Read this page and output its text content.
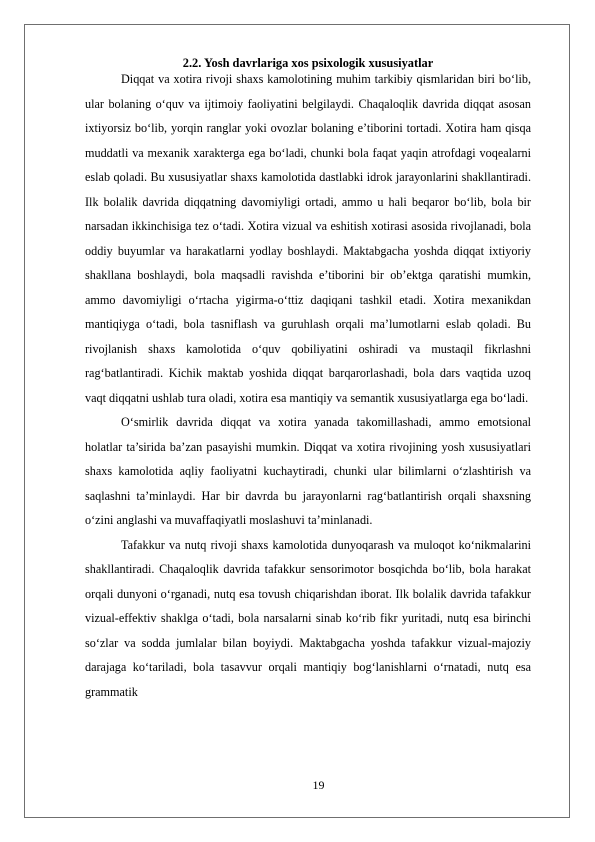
2.2. Yosh davrlariga xos psixologik xususiyatlar

Diqqat va xotira rivoji shaxs kamolotining muhim tarkibiy qismlaridan biri bo‘lib, ular bolaning o‘quv va ijtimoiy faoliyatini belgilaydi. Chaqaloqlik davrida diqqat asosan ixtiyorsiz bo‘lib, yorqin ranglar yoki ovozlar bolaning e’tiborini tortadi. Xotira ham qisqa muddatli va mexanik xarakterga ega bo‘ladi, chunki bola faqat yaqin atrofdagi voqealarni eslab qoladi. Bu xususiyatlar shaxs kamolotida dastlabki idrok jarayonlarini shakllantiradi. Ilk bolalik davrida diqqatning davomiyligi ortadi, ammo u hali beqaror bo‘lib, bola bir narsadan ikkinchisiga tez o‘tadi. Xotira vizual va eshitish xotirasi asosida rivojlanadi, bola oddiy buyumlar va harakatlarni yodlay boshlaydi. Maktabgacha yoshda diqqat ixtiyoriy shakllana boshlaydi, bola maqsadli ravishda e’tiborini bir ob’ektga qaratishi mumkin, ammo davomiyligi o‘rtacha yigirma-o‘ttiz daqiqani tashkil etadi. Xotira mexanikdan mantiqiyga o‘tadi, bola tasniflash va guruhlash orqali ma’lumotlarni eslab qoladi. Bu rivojlanish shaxs kamolotida o‘quv qobiliyatini oshiradi va mustaqil fikrlashni rag‘batlantiradi. Kichik maktab yoshida diqqat barqarorlashadi, bola dars vaqtida uzoq vaqt diqqatni ushlab tura oladi, xotira esa mantiqiy va semantik xususiyatlarga ega bo‘ladi.

O‘smirlik davrida diqqat va xotira yanada takomillashadi, ammo emotsional holatlar ta’sirida ba’zan pasayishi mumkin. Diqqat va xotira rivojining yosh xususiyatlari shaxs kamolotida aqliy faoliyatni kuchaytiradi, chunki ular bilimlarni o‘zlashtirish va saqlashni ta’minlaydi. Har bir davrda bu jarayonlarni rag‘batlantirish orqali shaxsning o‘zini anglashi va muvaffaqiyatli moslashuvi ta’minlanadi.

Tafakkur va nutq rivoji shaxs kamolotida dunyoqarash va muloqot ko‘nikmalarini shakllantiradi. Chaqaloqlik davrida tafakkur sensorimotor bosqichda bo‘lib, bola harakat orqali dunyoni o‘rganadi, nutq esa tovush chiqarishdan iborat. Ilk bolalik davrida tafakkur vizual-effektiv shaklga o‘tadi, bola narsalarni sinab ko‘rib fikr yuritadi, nutq esa birinchi so‘zlar va sodda jumlalar bilan boyiydi. Maktabgacha yoshda tafakkur vizual-majoziy darajaga ko‘tariladi, bola tasavvur orqali mantiqiy bog‘lanishlarni o‘rnatadi, nutq esa grammatik

19
